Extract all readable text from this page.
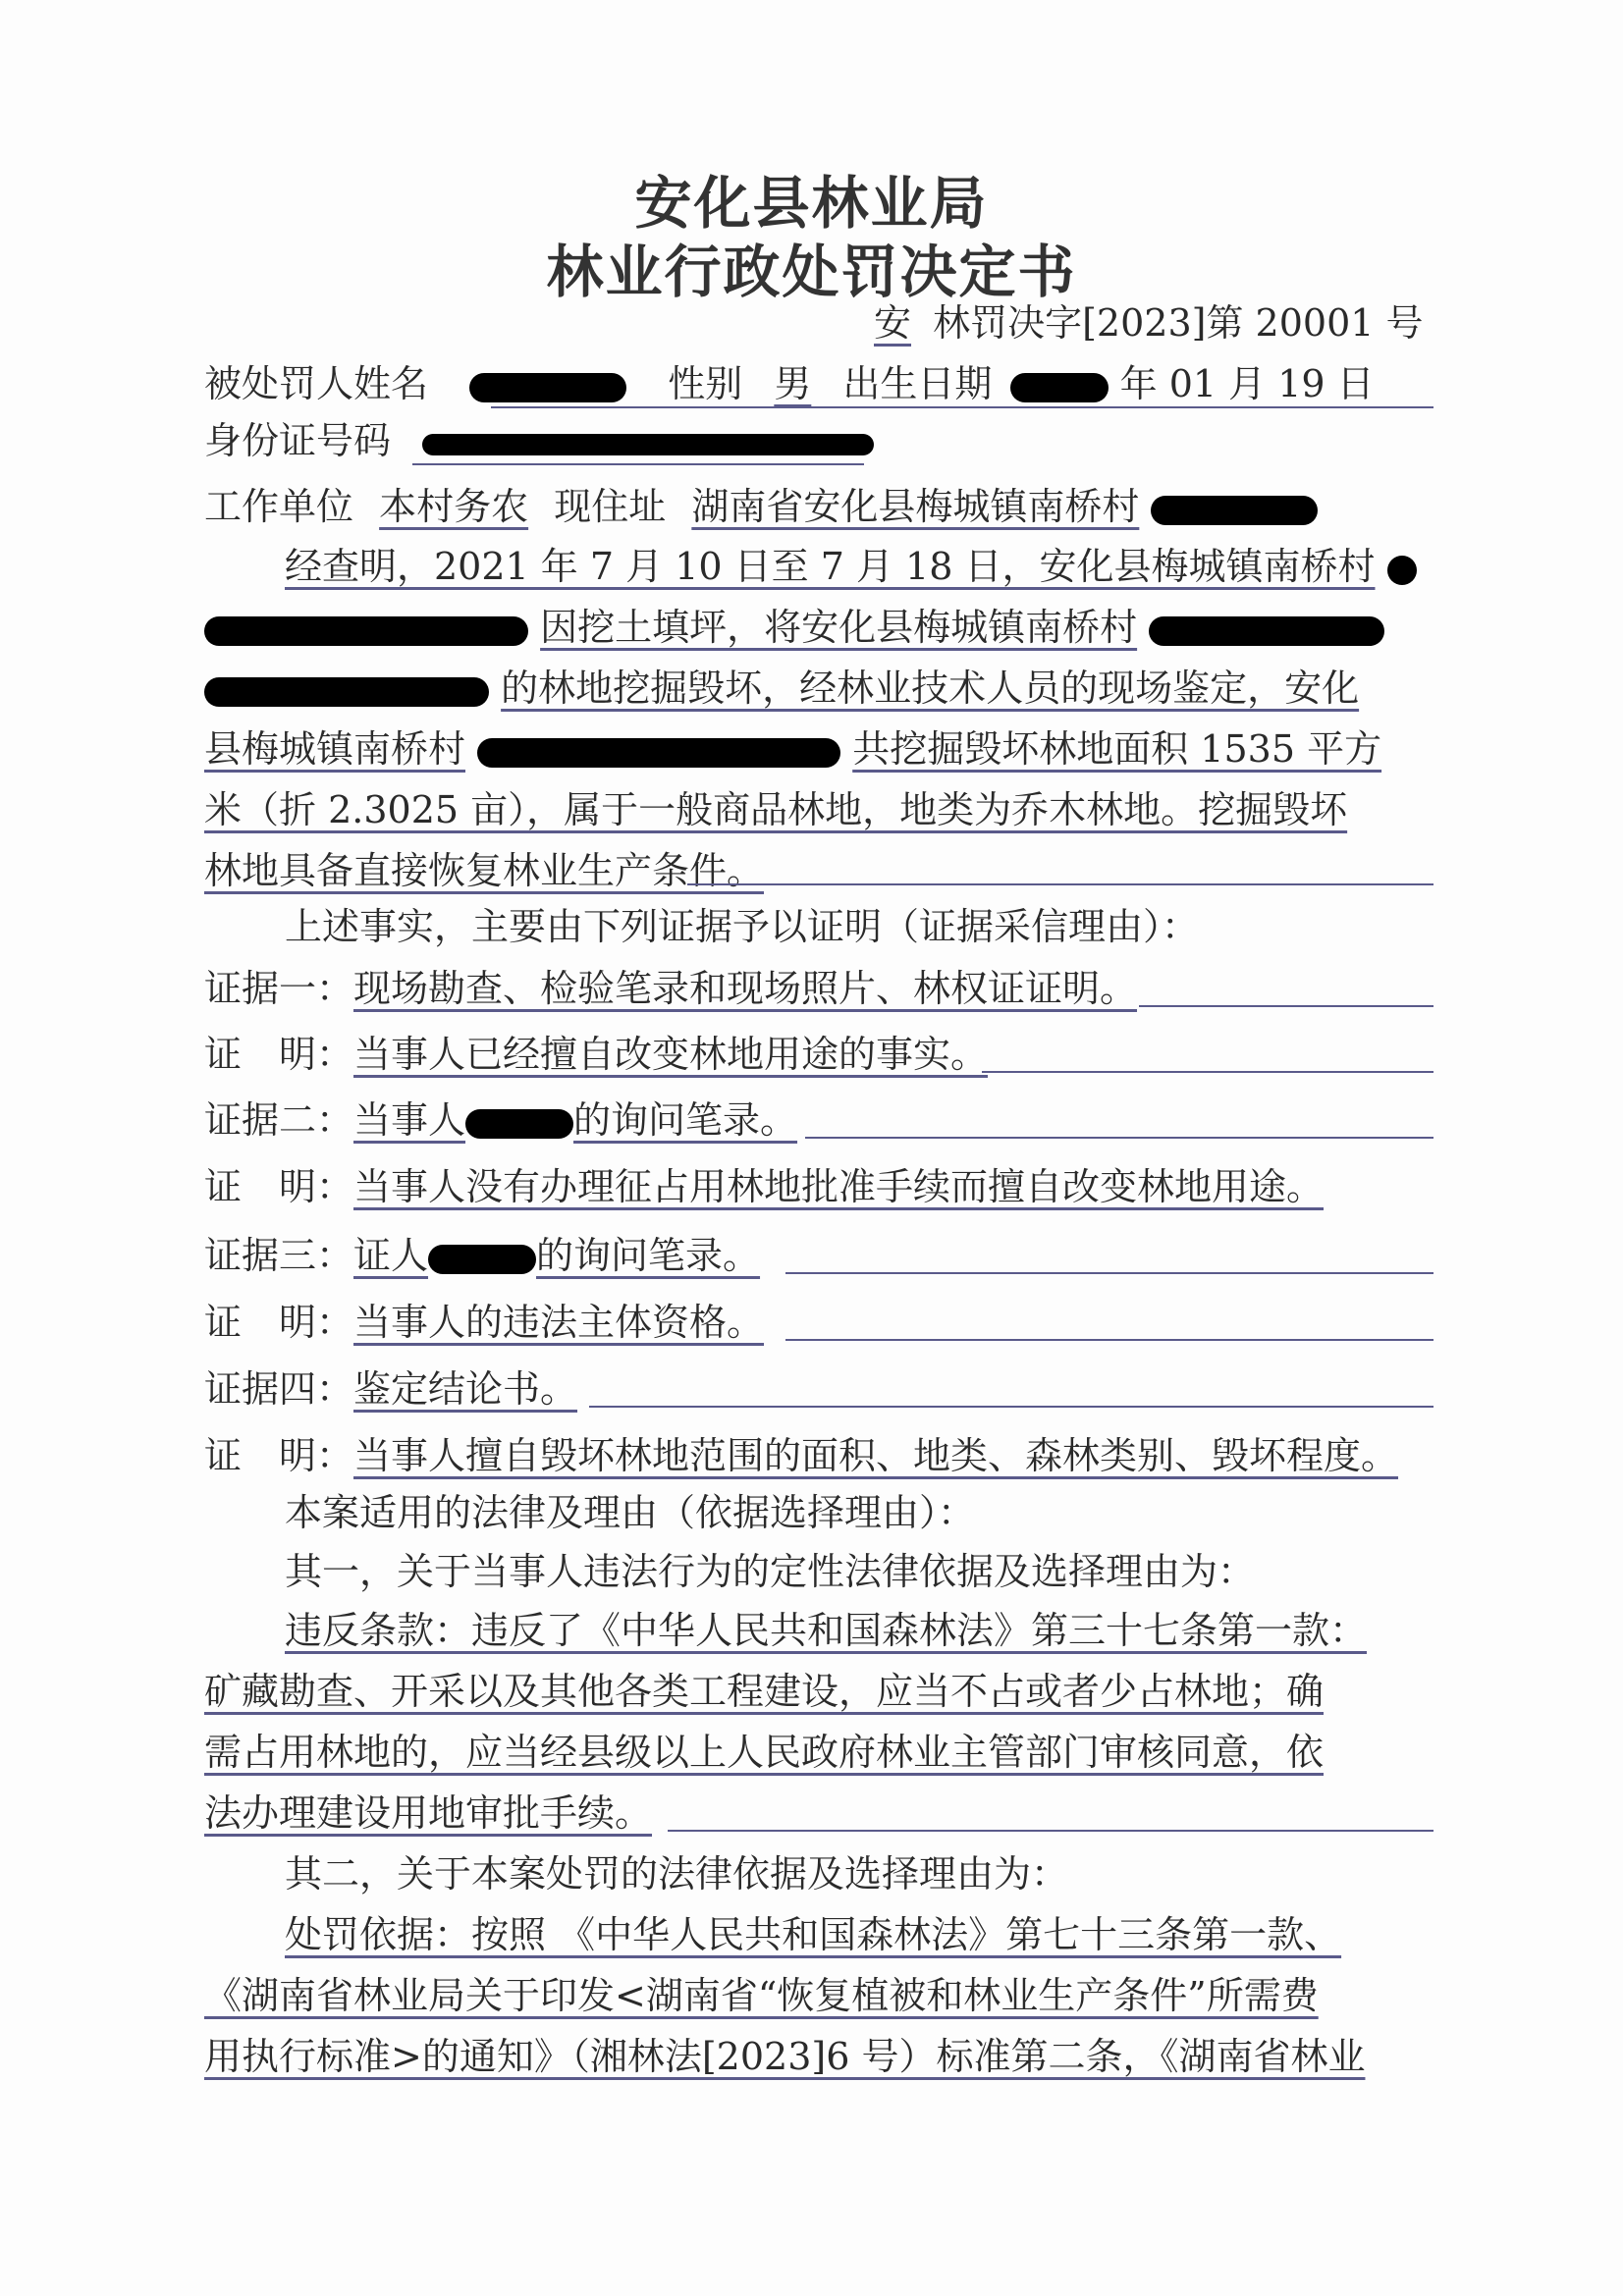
安化县林业局
林业行政处罚决定书
安 林罚决字[2023]第 20001 号
被处罚人姓名	性别 男 出生日期	年 01 月 19 日
身份证号码
工作单位 本村务农 现住址 湖南省安化县梅城镇南桥村
经查明，2021 年 7 月 10 日至 7 月 18 日，安化县梅城镇南桥村
因挖土填坪，将安化县梅城镇南桥村
的林地挖掘毁坏，经林业技术人员的现场鉴定，安化
县梅城镇南桥村	共挖掘毁坏林地面积 1535 平方
米（折 2.3025 亩），属于一般商品林地，地类为乔木林地。挖掘毁坏
林地具备直接恢复林业生产条件。
上述事实，主要由下列证据予以证明（证据采信理由）：
证据一：现场勘查、检验笔录和现场照片、林权证证明。
证　明：当事人已经擅自改变林地用途的事实。
证据二：当事人	的询问笔录。
证　明：当事人没有办理征占用林地批准手续而擅自改变林地用途。
证据三：证人	的询问笔录。
证　明：当事人的违法主体资格。
证据四：鉴定结论书。
证　明：当事人擅自毁坏林地范围的面积、地类、森林类别、毁坏程度。
本案适用的法律及理由（依据选择理由）：
其一，关于当事人违法行为的定性法律依据及选择理由为：
违反条款：违反了《中华人民共和国森林法》第三十七条第一款：
矿藏勘查、开采以及其他各类工程建设，应当不占或者少占林地；确
需占用林地的，应当经县级以上人民政府林业主管部门审核同意，依
法办理建设用地审批手续。
其二，关于本案处罚的法律依据及选择理由为：
处罚依据：按照 《中华人民共和国森林法》第七十三条第一款、
《湖南省林业局关于印发<湖南省“恢复植被和林业生产条件”所需费
用执行标准>的通知》（湘林法[2023]6 号）标准第二条，《湖南省林业
